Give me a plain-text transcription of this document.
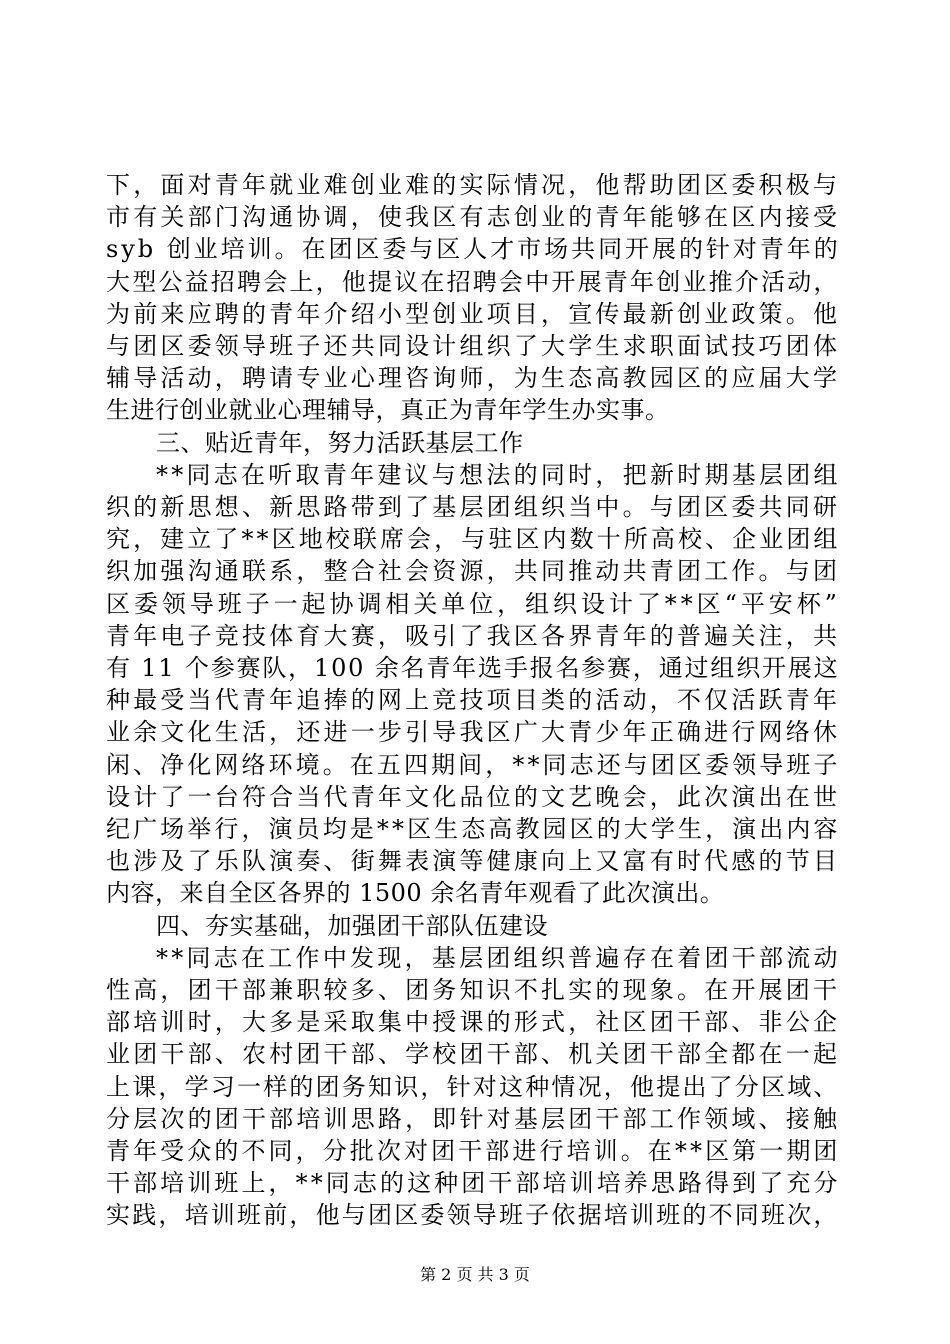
下，面对青年就业难创业难的实际情况，他帮助团区委积极与
市有关部门沟通协调，使我区有志创业的青年能够在区内接受
syb 创业培训。在团区委与区人才市场共同开展的针对青年的
大型公益招聘会上，他提议在招聘会中开展青年创业推介活动，
为前来应聘的青年介绍小型创业项目，宣传最新创业政策。他
与团区委领导班子还共同设计组织了大学生求职面试技巧团体
辅导活动，聘请专业心理咨询师，为生态高教园区的应届大学
生进行创业就业心理辅导，真正为青年学生办实事。
三、贴近青年，努力活跃基层工作
**同志在听取青年建议与想法的同时，把新时期基层团组
织的新思想、新思路带到了基层团组织当中。与团区委共同研
究，建立了**区地校联席会，与驻区内数十所高校、企业团组
织加强沟通联系，整合社会资源，共同推动共青团工作。与团
区委领导班子一起协调相关单位，组织设计了**区“平安杯”
青年电子竞技体育大赛，吸引了我区各界青年的普遍关注，共
有 11 个参赛队，100 余名青年选手报名参赛，通过组织开展这
种最受当代青年追捧的网上竞技项目类的活动，不仅活跃青年
业余文化生活，还进一步引导我区广大青少年正确进行网络休
闲、净化网络环境。在五四期间，**同志还与团区委领导班子
设计了一台符合当代青年文化品位的文艺晚会，此次演出在世
纪广场举行，演员均是**区生态高教园区的大学生，演出内容
也涉及了乐队演奏、街舞表演等健康向上又富有时代感的节目
内容，来自全区各界的 1500 余名青年观看了此次演出。
四、夯实基础，加强团干部队伍建设
**同志在工作中发现，基层团组织普遍存在着团干部流动
性高，团干部兼职较多、团务知识不扎实的现象。在开展团干
部培训时，大多是采取集中授课的形式，社区团干部、非公企
业团干部、农村团干部、学校团干部、机关团干部全都在一起
上课，学习一样的团务知识，针对这种情况，他提出了分区域、
分层次的团干部培训思路，即针对基层团干部工作领域、接触
青年受众的不同，分批次对团干部进行培训。在**区第一期团
干部培训班上，**同志的这种团干部培训培养思路得到了充分
实践，培训班前，他与团区委领导班子依据培训班的不同班次，
第 2 页 共 3 页
